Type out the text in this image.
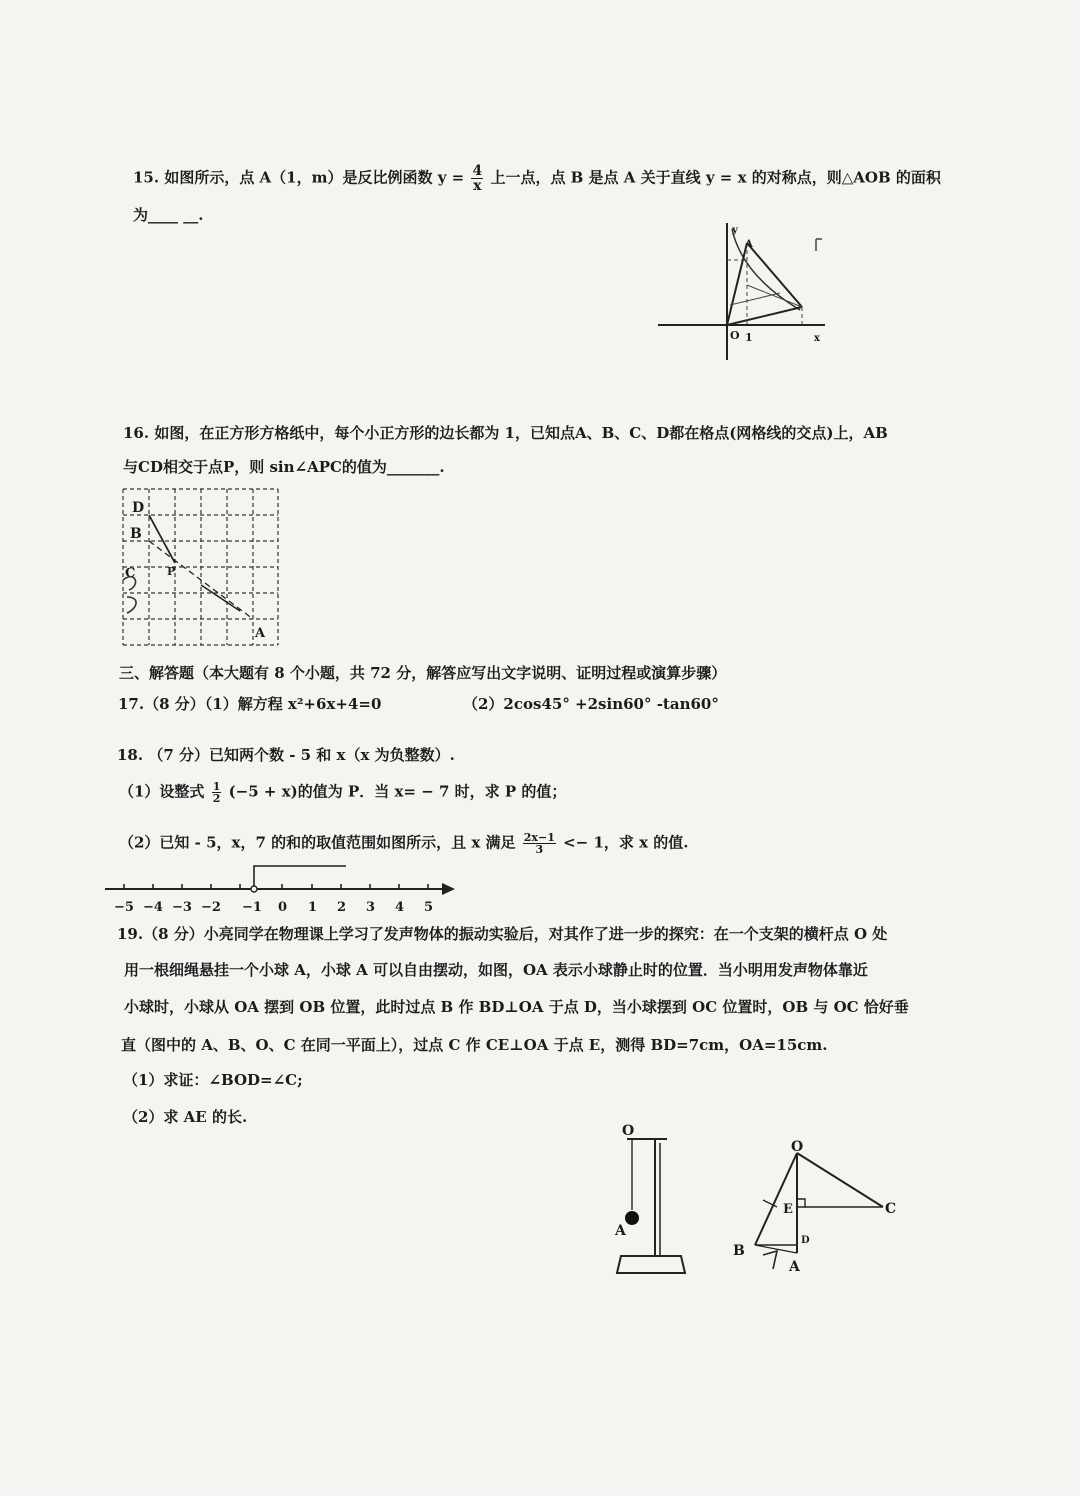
15. 如图所示，点 A（1，m）是反比例函数 $y = \frac{4}{x}$ 上一点，点 B 是点 A 关于直线 y = x 的对称点，则△AOB 的面积
为____ __.
y
A
O 1	x
16. 如图，在正方形方格纸中，每个小正方形的边长都为 1，已知点A、B、C、D都在格点(网格线的交点)上，AB
与CD相交于点P，则 sin∠APC的值为_______.
D
B
A
C	P
三、解答题（本大题有 8 个小题，共 72 分，解答应写出文字说明、证明过程或演算步骤）
17.（8 分）（1）解方程 x²+6x+4=0	（2）2cos45° +2sin60° -tan60°
18. （7 分）已知两个数 - 5 和 x（x 为负整数）.
（1）设整式 $\frac{1}{2} (-5 + x)$的值为 P．当 x= − 7 时，求 P 的值；
（2）已知 - 5，x，7 的和的取值范围如图所示，且 x 满足 $\frac{2x-1}{3} <- 1$，求 x 的值.
−5 −4 −3 −2 −1 0 1 2 3 4 5
19.（8 分）小亮同学在物理课上学习了发声物体的振动实验后，对其作了进一步的探究：在一个支架的横杆点 O 处
用一根细绳悬挂一个小球 A，小球 A 可以自由摆动，如图，OA 表示小球静止时的位置．当小明用发声物体靠近
小球时，小球从 OA 摆到 OB 位置，此时过点 B 作 BD⊥OA 于点 D，当小球摆到 OC 位置时，OB 与 OC 恰好垂
直（图中的 A、B、O、C 在同一平面上），过点 C 作 CE⊥OA 于点 E，测得 BD=7cm，OA=15cm.
（1）求证：∠BOD=∠C;
（2）求 AE 的长.
O
A
O
E	C
B
D
A
